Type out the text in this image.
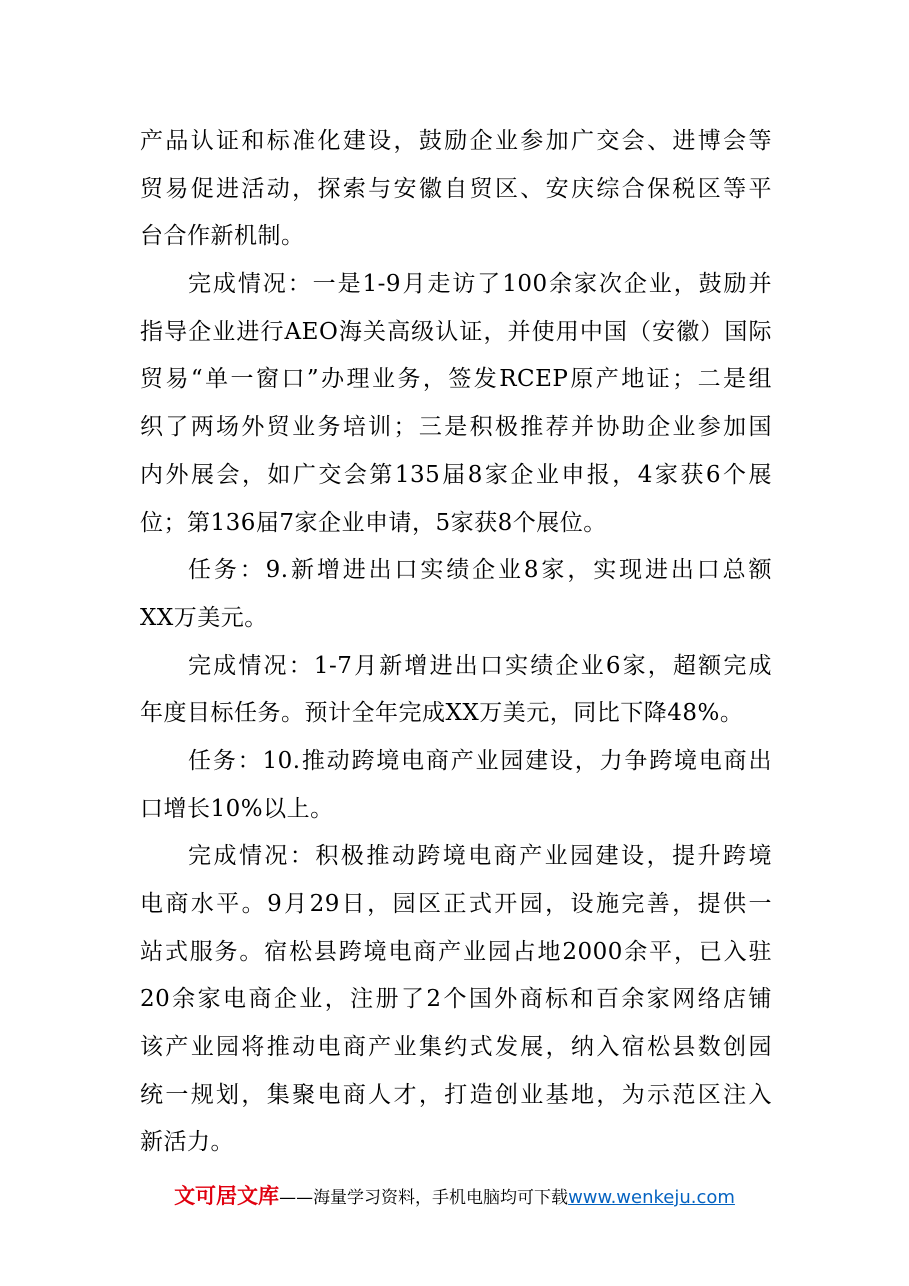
产品认证和标准化建设，鼓励企业参加广交会、进博会等
贸易促进活动，探索与安徽自贸区、安庆综合保税区等平
台合作新机制。
完成情况：一是1-9月走访了100余家次企业，鼓励并
指导企业进行AEO海关高级认证，并使用中国（安徽）国际
贸易“单一窗口”办理业务，签发RCEP原产地证；二是组
织了两场外贸业务培训；三是积极推荐并协助企业参加国
内外展会，如广交会第135届8家企业申报，4家获6个展
位；第136届7家企业申请，5家获8个展位。
任务：9.新增进出口实绩企业8家，实现进出口总额
XX万美元。
完成情况：1-7月新增进出口实绩企业6家，超额完成
年度目标任务。预计全年完成XX万美元，同比下降48%。
任务：10.推动跨境电商产业园建设，力争跨境电商出
口增长10%以上。
完成情况：积极推动跨境电商产业园建设，提升跨境
电商水平。9月29日，园区正式开园，设施完善，提供一
站式服务。宿松县跨境电商产业园占地2000余平，已入驻
20余家电商企业，注册了2个国外商标和百余家网络店铺
该产业园将推动电商产业集约式发展，纳入宿松县数创园
统一规划，集聚电商人才，打造创业基地，为示范区注入
新活力。
文可居文库——海量学习资料，手机电脑均可下载www.wenkeju.com
